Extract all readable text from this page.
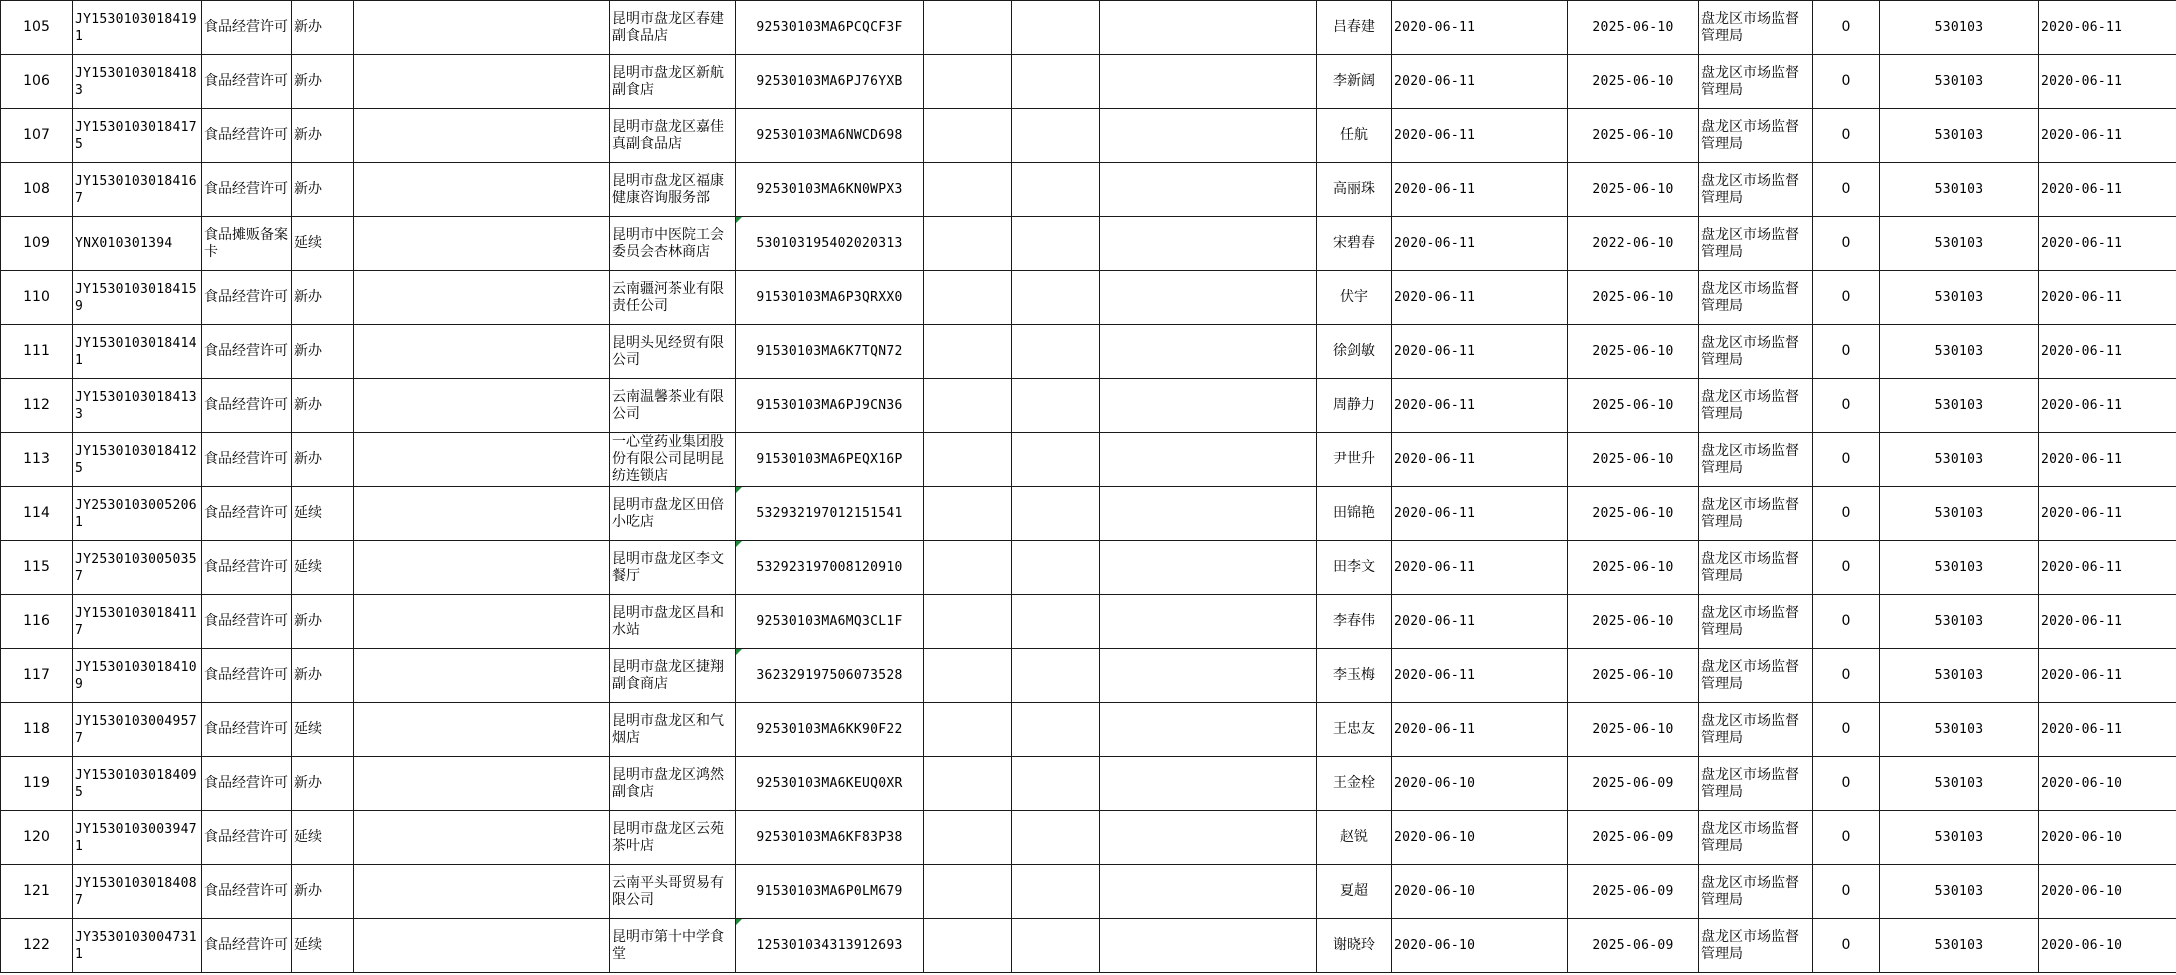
105	JY15301030184191	食品经营许可	新办		昆明市盘龙区春建副食品店	92530103MA6PCQCF3F				吕春建	2020-06-11	2025-06-10	盘龙区市场监督管理局	0	530103	2020-06-11
106	JY15301030184183	食品经营许可	新办		昆明市盘龙区新航副食店	92530103MA6PJ76YXB				李新阔	2020-06-11	2025-06-10	盘龙区市场监督管理局	0	530103	2020-06-11
107	JY15301030184175	食品经营许可	新办		昆明市盘龙区嘉佳真副食品店	92530103MA6NWCD698				任航	2020-06-11	2025-06-10	盘龙区市场监督管理局	0	530103	2020-06-11
108	JY15301030184167	食品经营许可	新办		昆明市盘龙区福康健康咨询服务部	92530103MA6KN0WPX3				高丽珠	2020-06-11	2025-06-10	盘龙区市场监督管理局	0	530103	2020-06-11
109	YNX010301394	食品摊贩备案卡	延续		昆明市中医院工会委员会杏林商店	530103195402020313				宋碧春	2020-06-11	2022-06-10	盘龙区市场监督管理局	0	530103	2020-06-11
110	JY15301030184159	食品经营许可	新办		云南疆河茶业有限责任公司	91530103MA6P3QRXX0				伏宇	2020-06-11	2025-06-10	盘龙区市场监督管理局	0	530103	2020-06-11
111	JY15301030184141	食品经营许可	新办		昆明头见经贸有限公司	91530103MA6K7TQN72				徐剑敏	2020-06-11	2025-06-10	盘龙区市场监督管理局	0	530103	2020-06-11
112	JY15301030184133	食品经营许可	新办		云南温馨茶业有限公司	91530103MA6PJ9CN36				周静力	2020-06-11	2025-06-10	盘龙区市场监督管理局	0	530103	2020-06-11
113	JY15301030184125	食品经营许可	新办		一心堂药业集团股份有限公司昆明昆纺连锁店	91530103MA6PEQX16P				尹世升	2020-06-11	2025-06-10	盘龙区市场监督管理局	0	530103	2020-06-11
114	JY25301030052061	食品经营许可	延续		昆明市盘龙区田倍小吃店	532932197012151541				田锦艳	2020-06-11	2025-06-10	盘龙区市场监督管理局	0	530103	2020-06-11
115	JY25301030050357	食品经营许可	延续		昆明市盘龙区李文餐厅	532923197008120910				田李文	2020-06-11	2025-06-10	盘龙区市场监督管理局	0	530103	2020-06-11
116	JY15301030184117	食品经营许可	新办		昆明市盘龙区昌和水站	92530103MA6MQ3CL1F				李春伟	2020-06-11	2025-06-10	盘龙区市场监督管理局	0	530103	2020-06-11
117	JY15301030184109	食品经营许可	新办		昆明市盘龙区捷翔副食商店	362329197506073528				李玉梅	2020-06-11	2025-06-10	盘龙区市场监督管理局	0	530103	2020-06-11
118	JY15301030049577	食品经营许可	延续		昆明市盘龙区和气烟店	92530103MA6KK90F22				王忠友	2020-06-11	2025-06-10	盘龙区市场监督管理局	0	530103	2020-06-11
119	JY15301030184095	食品经营许可	新办		昆明市盘龙区鸿然副食店	92530103MA6KEUQ0XR				王金栓	2020-06-10	2025-06-09	盘龙区市场监督管理局	0	530103	2020-06-10
120	JY15301030039471	食品经营许可	延续		昆明市盘龙区云苑茶叶店	92530103MA6KF83P38				赵锐	2020-06-10	2025-06-09	盘龙区市场监督管理局	0	530103	2020-06-10
121	JY15301030184087	食品经营许可	新办		云南平头哥贸易有限公司	91530103MA6P0LM679				夏超	2020-06-10	2025-06-09	盘龙区市场监督管理局	0	530103	2020-06-10
122	JY35301030047311	食品经营许可	延续		昆明市第十中学食堂	125301034313912693				谢晓玲	2020-06-10	2025-06-09	盘龙区市场监督管理局	0	530103	2020-06-10
